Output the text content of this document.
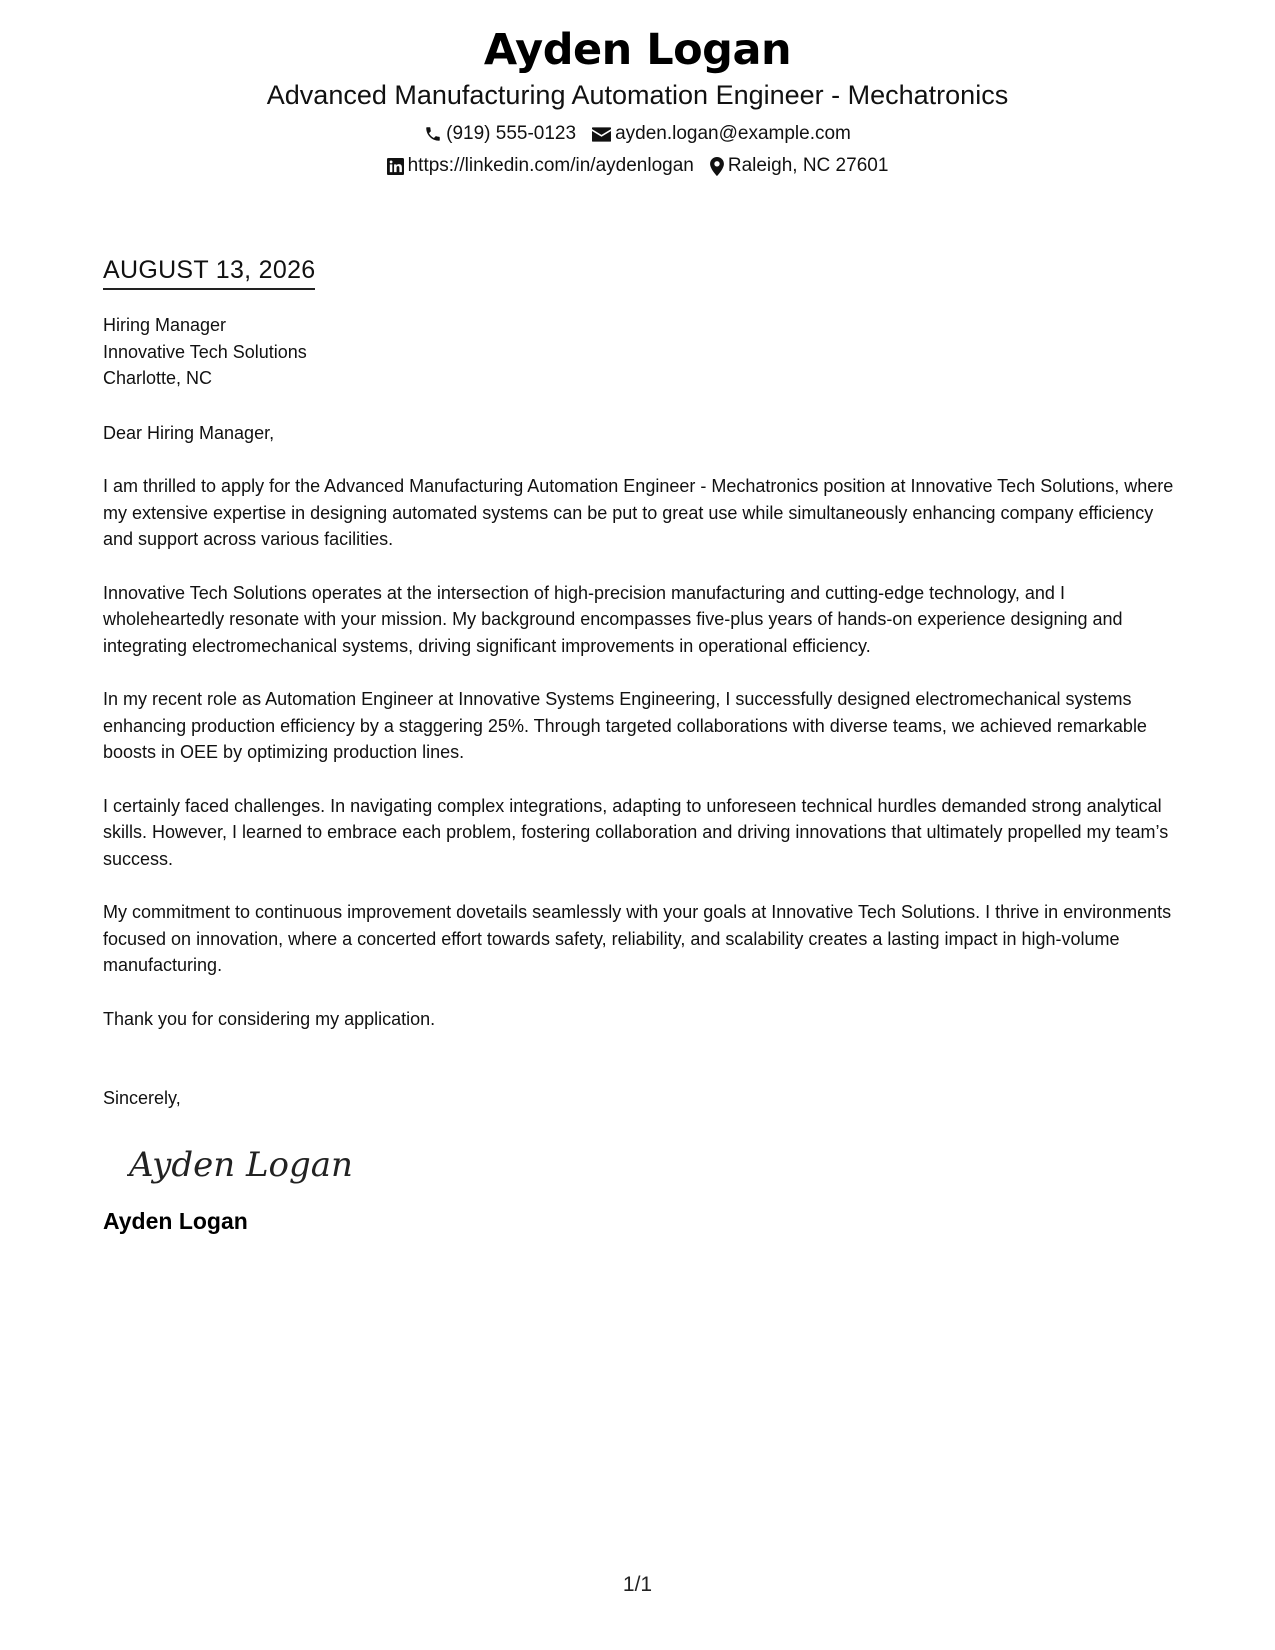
Ayden Logan
Advanced Manufacturing Automation Engineer - Mechatronics
(919) 555-0123 ayden.logan@example.com
https://linkedin.com/in/aydenlogan Raleigh, NC 27601
AUGUST 13, 2026
Hiring Manager
Innovative Tech Solutions
Charlotte, NC
Dear Hiring Manager,

I am thrilled to apply for the Advanced Manufacturing Automation Engineer - Mechatronics position at Innovative Tech Solutions, where my extensive expertise in designing automated systems can be put to great use while simultaneously enhancing company efficiency and support across various facilities.

Innovative Tech Solutions operates at the intersection of high-precision manufacturing and cutting-edge technology, and I wholeheartedly resonate with your mission. My background encompasses five-plus years of hands-on experience designing and integrating electromechanical systems, driving significant improvements in operational efficiency.

In my recent role as Automation Engineer at Innovative Systems Engineering, I successfully designed electromechanical systems enhancing production efficiency by a staggering 25%. Through targeted collaborations with diverse teams, we achieved remarkable boosts in OEE by optimizing production lines.

I certainly faced challenges. In navigating complex integrations, adapting to unforeseen technical hurdles demanded strong analytical skills. However, I learned to embrace each problem, fostering collaboration and driving innovations that ultimately propelled my team’s success.

My commitment to continuous improvement dovetails seamlessly with your goals at Innovative Tech Solutions. I thrive in environments focused on innovation, where a concerted effort towards safety, reliability, and scalability creates a lasting impact in high-volume manufacturing.

Thank you for considering my application.

Sincerely,
Ayden Logan
Ayden Logan
1/1
